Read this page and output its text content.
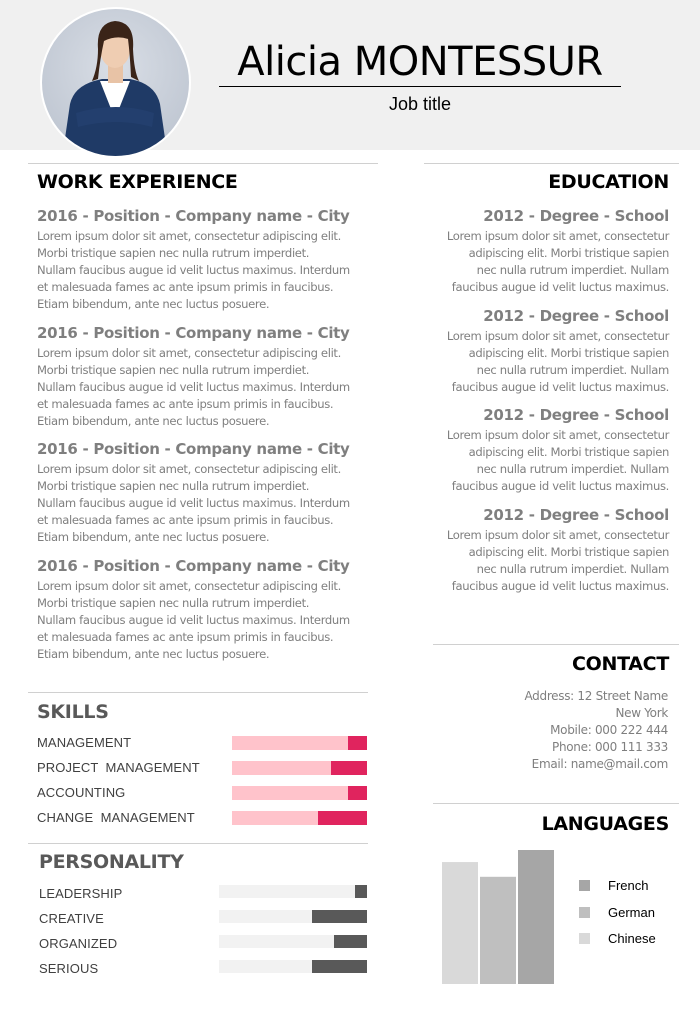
Alicia MONTESSUR
Job title
WORK EXPERIENCE
2016 - Position - Company name - City
Lorem ipsum dolor sit amet, consectetur adipiscing elit.
Morbi tristique sapien nec nulla rutrum imperdiet.
Nullam faucibus augue id velit luctus maximus. Interdum
et malesuada fames ac ante ipsum primis in faucibus.
Etiam bibendum, ante nec luctus posuere.
2016 - Position - Company name - City
Lorem ipsum dolor sit amet, consectetur adipiscing elit.
Morbi tristique sapien nec nulla rutrum imperdiet.
Nullam faucibus augue id velit luctus maximus. Interdum
et malesuada fames ac ante ipsum primis in faucibus.
Etiam bibendum, ante nec luctus posuere.
2016 - Position - Company name - City
Lorem ipsum dolor sit amet, consectetur adipiscing elit.
Morbi tristique sapien nec nulla rutrum imperdiet.
Nullam faucibus augue id velit luctus maximus. Interdum
et malesuada fames ac ante ipsum primis in faucibus.
Etiam bibendum, ante nec luctus posuere.
2016 - Position - Company name - City
Lorem ipsum dolor sit amet, consectetur adipiscing elit.
Morbi tristique sapien nec nulla rutrum imperdiet.
Nullam faucibus augue id velit luctus maximus. Interdum
et malesuada fames ac ante ipsum primis in faucibus.
Etiam bibendum, ante nec luctus posuere.
EDUCATION
2012 - Degree - School
Lorem ipsum dolor sit amet, consectetur
adipiscing elit. Morbi tristique sapien
nec nulla rutrum imperdiet. Nullam
faucibus augue id velit luctus maximus.
2012 - Degree - School
Lorem ipsum dolor sit amet, consectetur
adipiscing elit. Morbi tristique sapien
nec nulla rutrum imperdiet. Nullam
faucibus augue id velit luctus maximus.
2012 - Degree - School
Lorem ipsum dolor sit amet, consectetur
adipiscing elit. Morbi tristique sapien
nec nulla rutrum imperdiet. Nullam
faucibus augue id velit luctus maximus.
2012 - Degree - School
Lorem ipsum dolor sit amet, consectetur
adipiscing elit. Morbi tristique sapien
nec nulla rutrum imperdiet. Nullam
faucibus augue id velit luctus maximus.
SKILLS
MANAGEMENT
PROJECT  MANAGEMENT
ACCOUNTING
CHANGE  MANAGEMENT
PERSONALITY
LEADERSHIP
CREATIVE
ORGANIZED
SERIOUS
CONTACT
Address: 12 Street Name
New York
Mobile: 000 222 444
Phone: 000 111 333
Email: name@mail.com
LANGUAGES
French
German
Chinese
